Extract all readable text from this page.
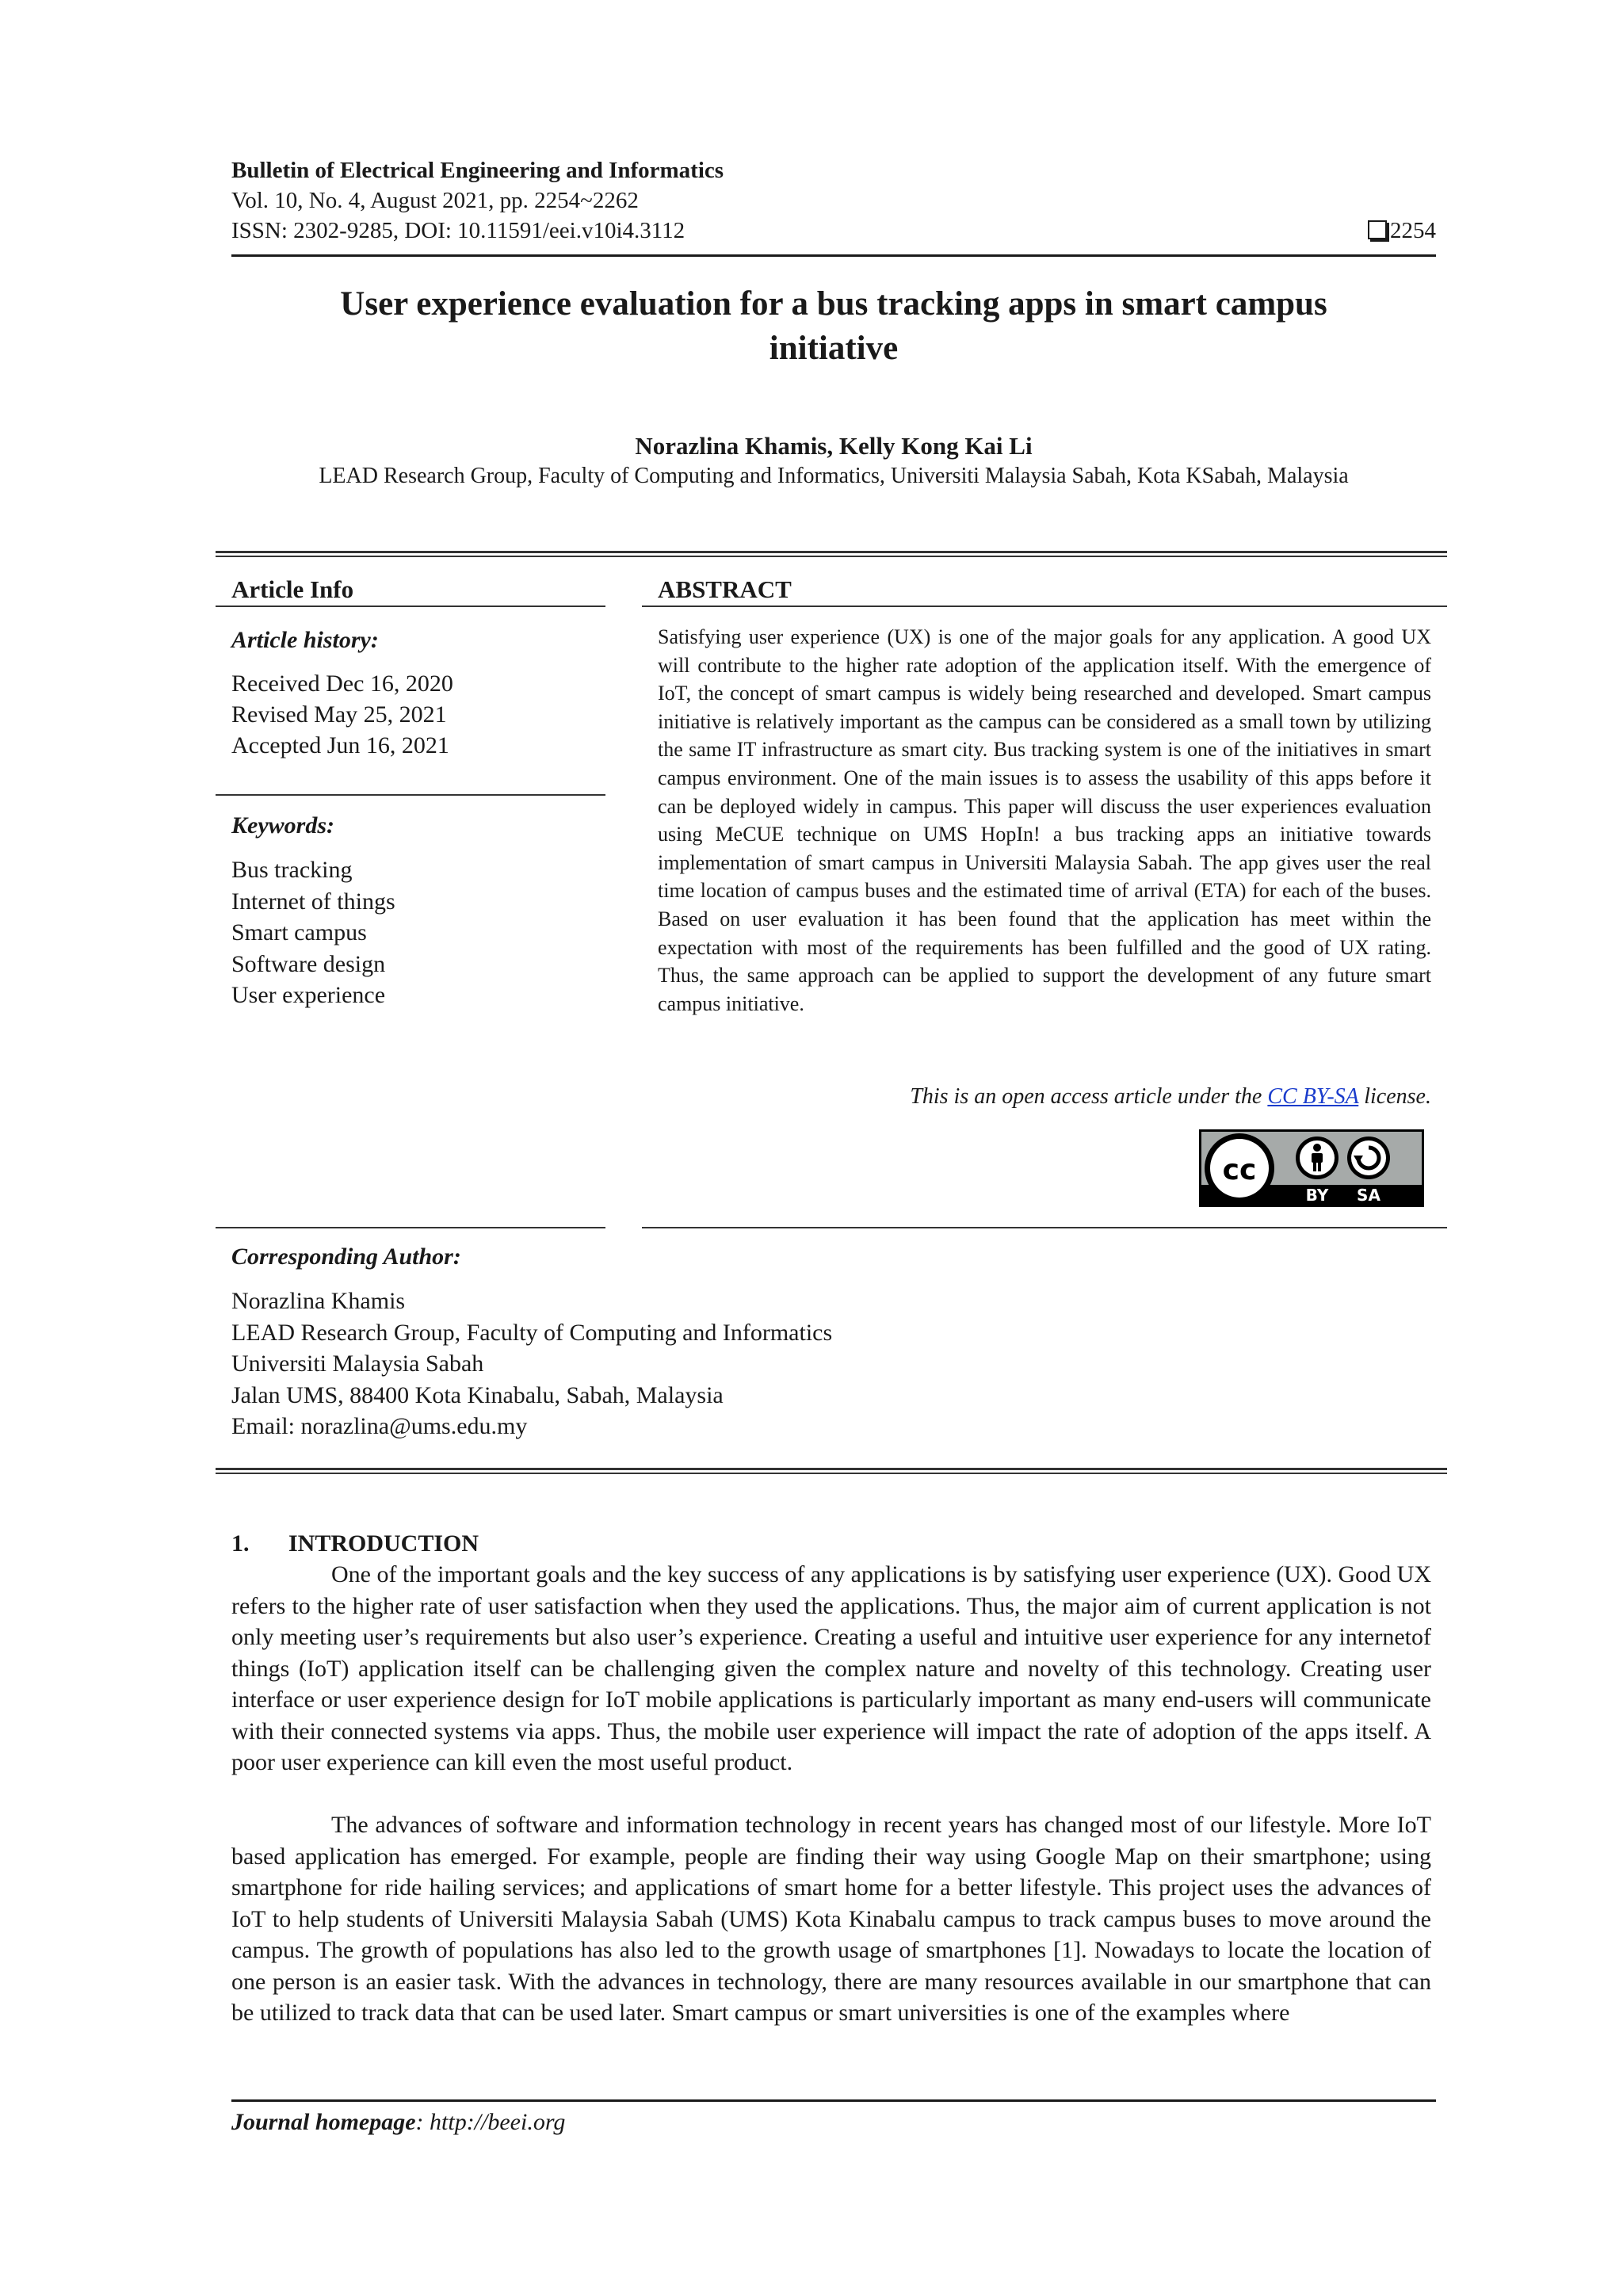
Bulletin of Electrical Engineering and Informatics
Vol. 10, No. 4, August 2021, pp. 2254~2262
ISSN: 2302-9285, DOI: 10.11591/eei.v10i4.3112	2254
User experience evaluation for a bus tracking apps in smart campus
initiative
Norazlina Khamis, Kelly Kong Kai Li
LEAD Research Group, Faculty of Computing and Informatics, Universiti Malaysia Sabah, Kota KSabah, Malaysia
Article Info	ABSTRACT
Article history:
Received Dec 16, 2020
Revised May 25, 2021
Accepted Jun 16, 2021
Keywords:
Bus tracking
Internet of things
Smart campus
Software design
User experience
Satisfying user experience (UX) is one of the major goals for any application. A good UX will contribute to the higher rate adoption of the application itself. With the emergence of IoT, the concept of smart campus is widely being researched and developed. Smart campus initiative is relatively important as the campus can be considered as a small town by utilizing the same IT infrastructure as smart city. Bus tracking system is one of the initiatives in smart campus environment. One of the main issues is to assess the usability of this apps before it can be deployed widely in campus. This paper will discuss the user experiences evaluation using MeCUE technique on UMS HopIn! a bus tracking apps an initiative towards implementation of smart campus in Universiti Malaysia Sabah. The app gives user the real time location of campus buses and the estimated time of arrival (ETA) for each of the buses. Based on user evaluation it has been found that the application has meet within the expectation with most of the requirements has been fulfilled and the good of UX rating. Thus, the same approach can be applied to support the development of any future smart campus initiative.
This is an open access article under the CC BY-SA license.
cc
BY SA
Corresponding Author:
Norazlina Khamis
LEAD Research Group, Faculty of Computing and Informatics
Universiti Malaysia Sabah
Jalan UMS, 88400 Kota Kinabalu, Sabah, Malaysia
Email: norazlina@ums.edu.my
1. INTRODUCTION

One of the important goals and the key success of any applications is by satisfying user experience (UX). Good UX refers to the higher rate of user satisfaction when they used the applications. Thus, the major aim of current application is not only meeting user’s requirements but also user’s experience. Creating a useful and intuitive user experience for any internetof things (IoT) application itself can be challenging given the complex nature and novelty of this technology. Creating user interface or user experience design for IoT mobile applications is particularly important as many end-users will communicate with their connected systems via apps. Thus, the mobile user experience will impact the rate of adoption of the apps itself. A poor user experience can kill even the most useful product.

The advances of software and information technology in recent years has changed most of our lifestyle. More IoT based application has emerged. For example, people are finding their way using Google Map on their smartphone; using smartphone for ride hailing services; and applications of smart home for a better lifestyle. This project uses the advances of IoT to help students of Universiti Malaysia Sabah (UMS) Kota Kinabalu campus to track campus buses to move around the campus. The growth of populations has also led to the growth usage of smartphones [1]. Nowadays to locate the location of one person is an easier task. With the advances in technology, there are many resources available in our smartphone that can be utilized to track data that can be used later. Smart campus or smart universities is one of the examples where

Journal homepage: http://beei.org
